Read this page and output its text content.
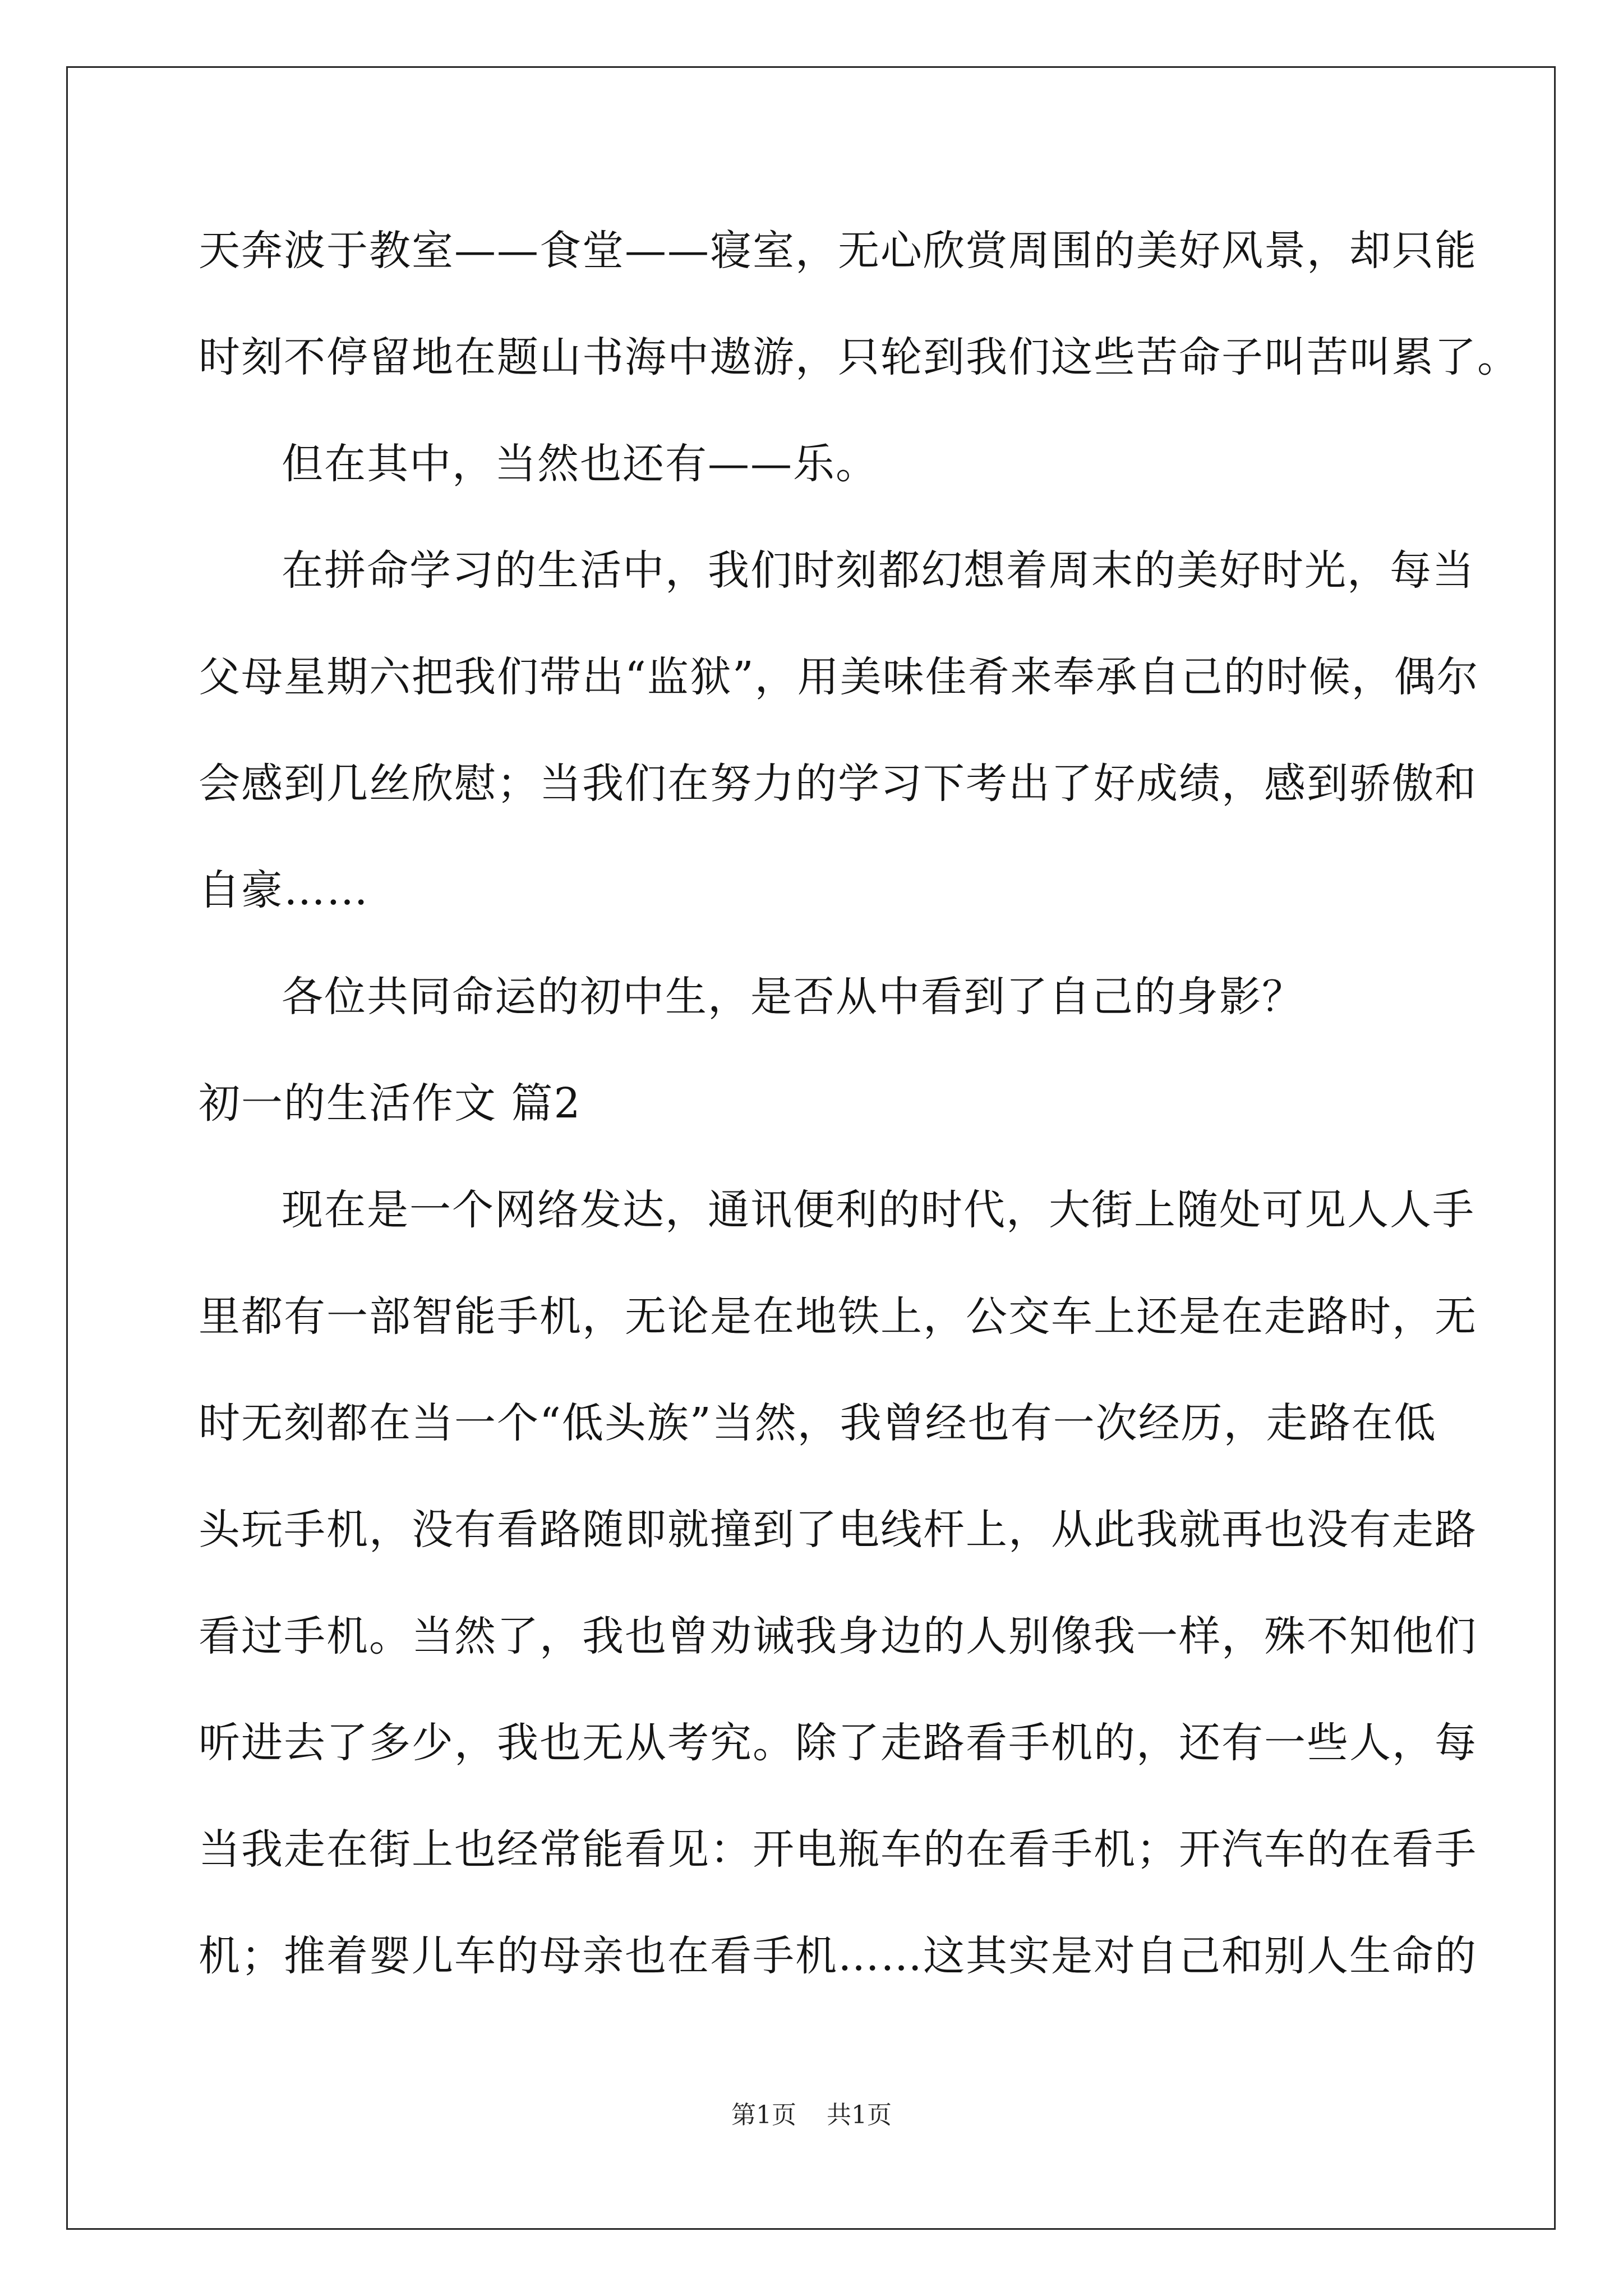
天奔波于教室——食堂——寝室，无心欣赏周围的美好风景，却只能
时刻不停留地在题山书海中遨游，只轮到我们这些苦命子叫苦叫累了。
但在其中，当然也还有——乐。
在拼命学习的生活中，我们时刻都幻想着周末的美好时光，每当
父母星期六把我们带出“监狱”，用美味佳肴来奉承自己的时候，偶尔
会感到几丝欣慰；当我们在努力的学习下考出了好成绩，感到骄傲和
自豪……
各位共同命运的初中生，是否从中看到了自己的身影？
初一的生活作文 篇2
现在是一个网络发达，通讯便利的时代，大街上随处可见人人手
里都有一部智能手机，无论是在地铁上，公交车上还是在走路时，无
时无刻都在当一个“低头族”当然，我曾经也有一次经历，走路在低
头玩手机，没有看路随即就撞到了电线杆上，从此我就再也没有走路
看过手机。当然了，我也曾劝诫我身边的人别像我一样，殊不知他们
听进去了多少，我也无从考究。除了走路看手机的，还有一些人，每
当我走在街上也经常能看见：开电瓶车的在看手机；开汽车的在看手
机；推着婴儿车的母亲也在看手机……这其实是对自己和别人生命的
第1页 共1页
